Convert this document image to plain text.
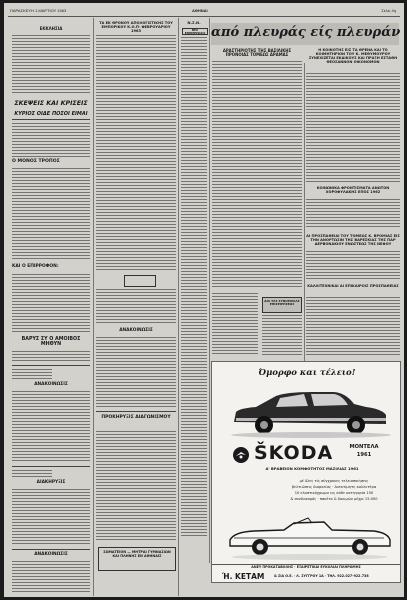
ΠΑΡΑΣΚΕΥΗ 1 ΜΑΡΤΙΟΥ 1963	ΑΘΗΝΑΙ	Σελίς 4η
ΕΚΚΛΗΣΙΑ
ΣΚΕΨΕΙΣ ΚΑΙ ΚΡΙΣΕΙΣ
ΚΥΡΙΟΣ ΟΙΔΕ ΠΟΣΟΙ ΕΙΜΑΙ
Ο ΜΟΝΟΣ ΤΡΟΠΟΣ
ΚΑΙ Ο ΕΠΙΡΡΟΦΟΝ:
ΒΑΡΥΣ ΣΥ Ο ΑΜΟΙΒΟΣ ΜΗΘΥΝ
ΑΝΑΚΟΙΝΩΣΙΣ
ΔΙΑΚΗΡΥΞΙΣ
ΑΝΑΚΟΙΝΩΣΙΣ
ΤΑ ΕΚ ΘΡΟΝΟΥ ΑΠΟΛΟΓΙΣΤΙΚΗΣ ΤΟΥ ΕΜΠΟΡΙΚΟΥ Κ.Ο.Π· ΦΕΒΡΟΥΑΡΙΟΥ 1963
ΑΝΑΚΟΙΝΩΣΙΣ
ΠΡΟΚΗΡΥΞΙΣ ΔΙΑΓΩΝΙΣΜΟΥ
ΣΩΜΑΤΕΙΟΝ — ΜΗΤΡΑΙ ΓΥΜΝΑΣΙΩΝ ΚΑΙ ΠΛΗΝΗΣ ΕΝ ΑΘΗΝΑΙΣ
Ν.Σ.Ν.
ΝΕΑ ΕΝΗΜΕΡΩΣΙΣ από πλευράς είς πλευράν
ΔΡΑΣΤΗΡΙΟΤΗΣ ΤΗΣ ΒΑΣΙΛΙΚΗΣ ΠΡΟΝΟΙΑΣ ΤΟΜΕΩΣ ΔΡΑΜΑΣ
Η ΚΟΙΝΟΤΗΣ ΕΙΣ ΤΑ ΘΡΕΝΑ ΚΑΙ ΤΟ ΚΟΙΜΗΤΗΡΙΟΝ ΤΟΥ Κ. ΜΕΘΥΜΟΥΡΟΥ ΣΥΝΕΧΙΖΕΤΑΙ ΕΚΔΙΚΟΥΣ ΚΑΙ ΠΡΑΞΗ ΕΣΤΑΘΗ ΘΕΟΣΑΝΝΟΝ ΟΙΚΟΝΟΜΟΝ
ΚΟΙΝΩΝΙΚΑ ΦΡΟΝΤΙΣΜΑΤΑ ΑΝΩΤΟΝ ΧΟΡΟΦΥΛΑΚΗΣ ΕΠΟΣ 1962
ΑΙ ΠΡΟΣΠΑΘΕΙΑΙ ΤΟΥ ΤΟΜΕΩΣ Κ. ΒΡΟΜΙΑΣ ΕΙΣ ΤΗΝ ΑΝΟΡΤΩΣΙΝ ΤΗΣ ΒΑΡΕΣΚΙΑΣ ΤΗΣ ΠΑΡ ΔΕΡΒΟΝΑΚΙΟΥ ΕΝΩΣΤΕΩΣ ΤΗΣ ΝΕΦΟΥ
ΔΙΑ ΤΑΣ ΣΥΝΟΜΙΛΙΑΣ ΕΠΙΧΕΙΡΗΣΕΩΣ
ΚΑΛΛΙΤΕΧΝΙΚΑΙ ΑΙ ΕΠΙΚΑΙΡΟΙΣ ΠΡΟΣΠΑΘΕΙΑΣ
Όμορφο και τέλειο!
ŠKODA	ΜΟΝΤΕΛΑ
1961
Α' ΒΡΑΒΕΙΟΝ ΚΟΜΦΟΤΗΤΟΣ ΜΑΣΙΛΙΑΣ 1961
μέ δλες τίς σύγχρονες τελειοποιήσεις
βελτιώσεις διαρκείας · Ανεκτίμητη καλλυτέρα
10 ελαστικόχρωμα εις κάθε κατηγορία 150
& συνδυασμός · πακέτο & δοκιμών μέχρι 15.000
ΑΝΕΥ ΠΡΟΚΑΤΑΒΟΛΗΣ · ΕΞΑΙΡΕΤΙΚΑΙ ΕΥΚΟΛΙΑΙ ΠΛΗΡΩΜΗΣ
Ή. ΚΕΤΑΜ	& ΣΙΑ Ο.Ε. · Λ. ΣΥΓΓΡΟΥ 1Α · ΤΗΛ. 922.027-922.738
